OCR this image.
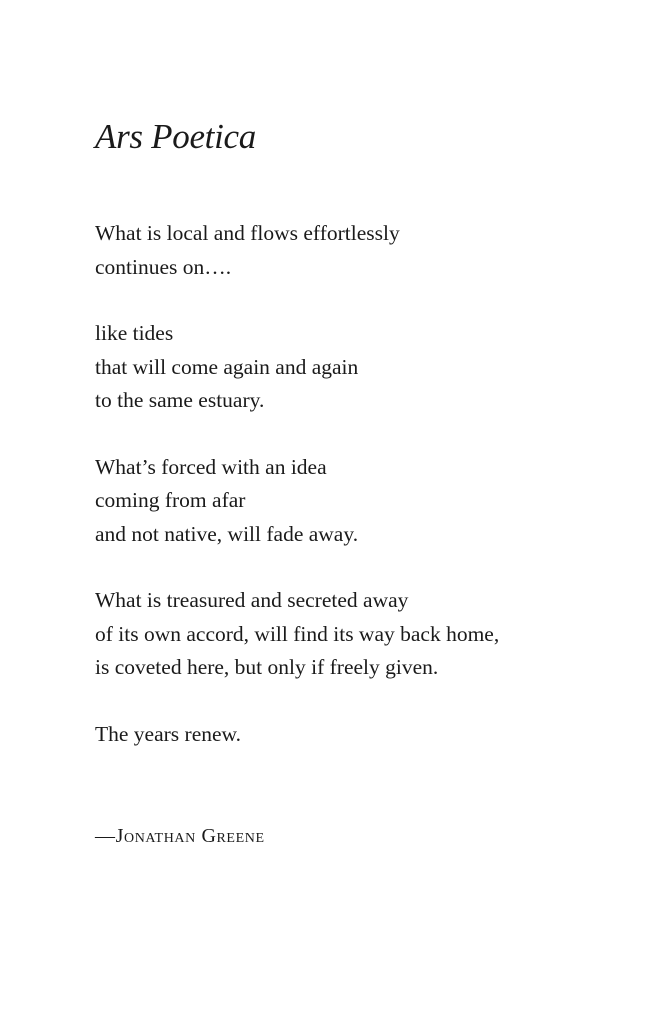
Ars Poetica
What is local and flows effortlessly
continues on….
like tides
that will come again and again
to the same estuary.
What’s forced with an idea
coming from afar
and not native, will fade away.
What is treasured and secreted away
of its own accord, will find its way back home,
is coveted here, but only if freely given.
The years renew.
—Jonathan Greene
